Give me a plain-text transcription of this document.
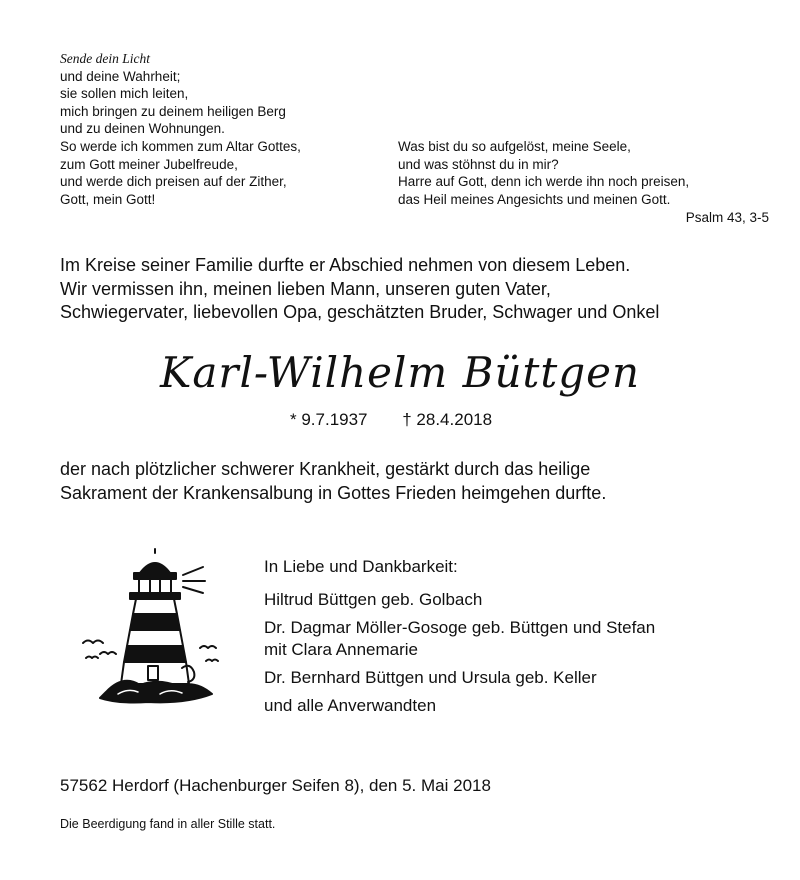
Sende dein Licht
und deine Wahrheit;
sie sollen mich leiten,
mich bringen zu deinem heiligen Berg
und zu deinen Wohnungen.
So werde ich kommen zum Altar Gottes,
zum Gott meiner Jubelfreude,
und werde dich preisen auf der Zither,
Gott, mein Gott!
Was bist du so aufgelöst, meine Seele,
und was stöhnst du in mir?
Harre auf Gott, denn ich werde ihn noch preisen,
das Heil meines Angesichts und meinen Gott.
Psalm 43, 3-5
Im Kreise seiner Familie durfte er Abschied nehmen von diesem Leben.
Wir vermissen ihn, meinen lieben Mann, unseren guten Vater,
Schwiegervater, liebevollen Opa, geschätzten Bruder, Schwager und Onkel
Karl-Wilhelm Büttgen
* 9.7.1937 † 28.4.2018
der nach plötzlicher schwerer Krankheit, gestärkt durch das heilige
Sakrament der Krankensalbung in Gottes Frieden heimgehen durfte.
In Liebe und Dankbarkeit:
Hiltrud Büttgen geb. Golbach
Dr. Dagmar Möller-Gosoge geb. Büttgen und Stefan
mit Clara Annemarie
Dr. Bernhard Büttgen und Ursula geb. Keller
und alle Anverwandten
57562 Herdorf (Hachenburger Seifen 8), den 5. Mai 2018
Die Beerdigung fand in aller Stille statt.
